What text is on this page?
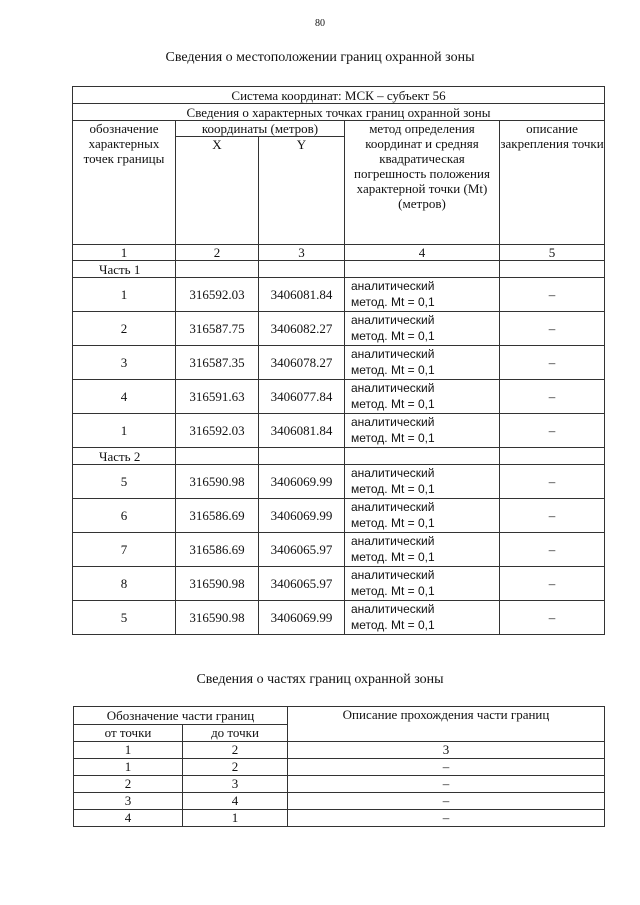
80
Сведения о местоположении границ охранной зоны
Система координат: МСК – субъект 56				
Сведения о характерных точках границ охранной зоны				
обозначение характерных точек границы	координаты (метров)		метод определения координат и средняя квадратическая погрешность положения характерной точки (Mt) (метров)	описание закрепления точки
	X	Y		
1	2	3	4	5
Часть 1				
1	316592.03	3406081.84	аналитический
метод. Mt = 0,1	–
2	316587.75	3406082.27	аналитический
метод. Mt = 0,1	–
3	316587.35	3406078.27	аналитический
метод. Mt = 0,1	–
4	316591.63	3406077.84	аналитический
метод. Mt = 0,1	–
1	316592.03	3406081.84	аналитический
метод. Mt = 0,1	–
Часть 2				
5	316590.98	3406069.99	аналитический
метод. Mt = 0,1	–
6	316586.69	3406069.99	аналитический
метод. Mt = 0,1	–
7	316586.69	3406065.97	аналитический
метод. Mt = 0,1	–
8	316590.98	3406065.97	аналитический
метод. Mt = 0,1	–
5	316590.98	3406069.99	аналитический
метод. Mt = 0,1	–
Сведения о частях границ охранной зоны
Обозначение части границ		Описание прохождения части границ
от точки	до точки	
1	2	3
1	2	–
2	3	–
3	4	–
4	1	–
